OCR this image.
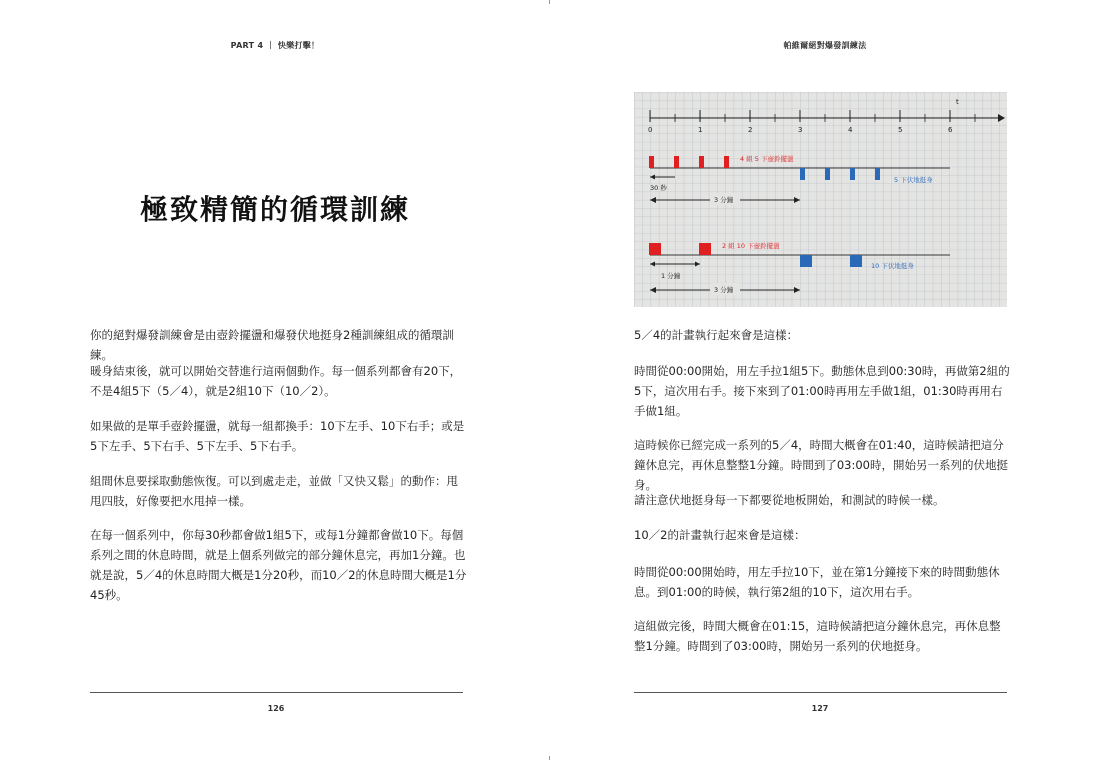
PART 4 ｜ 快樂打擊！
極致精簡的循環訓練

你的絕對爆發訓練會是由壺鈴擺盪和爆發伏地挺身2種訓練組成的循環訓練。

暖身結束後，就可以開始交替進行這兩個動作。每一個系列都會有20下，不是4組5下（5／4），就是2組10下（10／2）。

如果做的是單手壺鈴擺盪，就每一組都換手：10下左手、10下右手；或是5下左手、5下右手、5下左手、5下右手。

組間休息要採取動態恢復。可以到處走走，並做「又快又鬆」的動作：甩甩四肢，好像要把水甩掉一樣。

在每一個系列中，你每30秒都會做1組5下，或每1分鐘都會做10下。每個系列之間的休息時間，就是上個系列做完的部分鐘休息完，再加1分鐘。也就是說，5／4的休息時間大概是1分20秒，而10／2的休息時間大概是1分45秒。

126
帕維爾絕對爆發訓練法
127
t
0	1	2	3	4	5	6
4 組 5 下壺鈴擺盪
5 下伏地挺身
30 秒
3 分鐘
2 組 10 下壺鈴擺盪
10 下伏地挺身
1 分鐘
3 分鐘

5／4的計畫執行起來會是這樣：

時間從00:00開始，用左手拉1組5下。動態休息到00:30時，再做第2組的5下，這次用右手。接下來到了01:00時再用左手做1組，01:30時再用右手做1組。

這時候你已經完成一系列的5／4，時間大概會在01:40，這時候請把這分鐘休息完，再休息整整1分鐘。時間到了03:00時，開始另一系列的伏地挺身。

請注意伏地挺身每一下都要從地板開始，和測試的時候一樣。

10／2的計畫執行起來會是這樣：

時間從00:00開始時，用左手拉10下，並在第1分鐘接下來的時間動態休息。到01:00的時候，執行第2組的10下，這次用右手。

這組做完後，時間大概會在01:15，這時候請把這分鐘休息完，再休息整整1分鐘。時間到了03:00時，開始另一系列的伏地挺身。
